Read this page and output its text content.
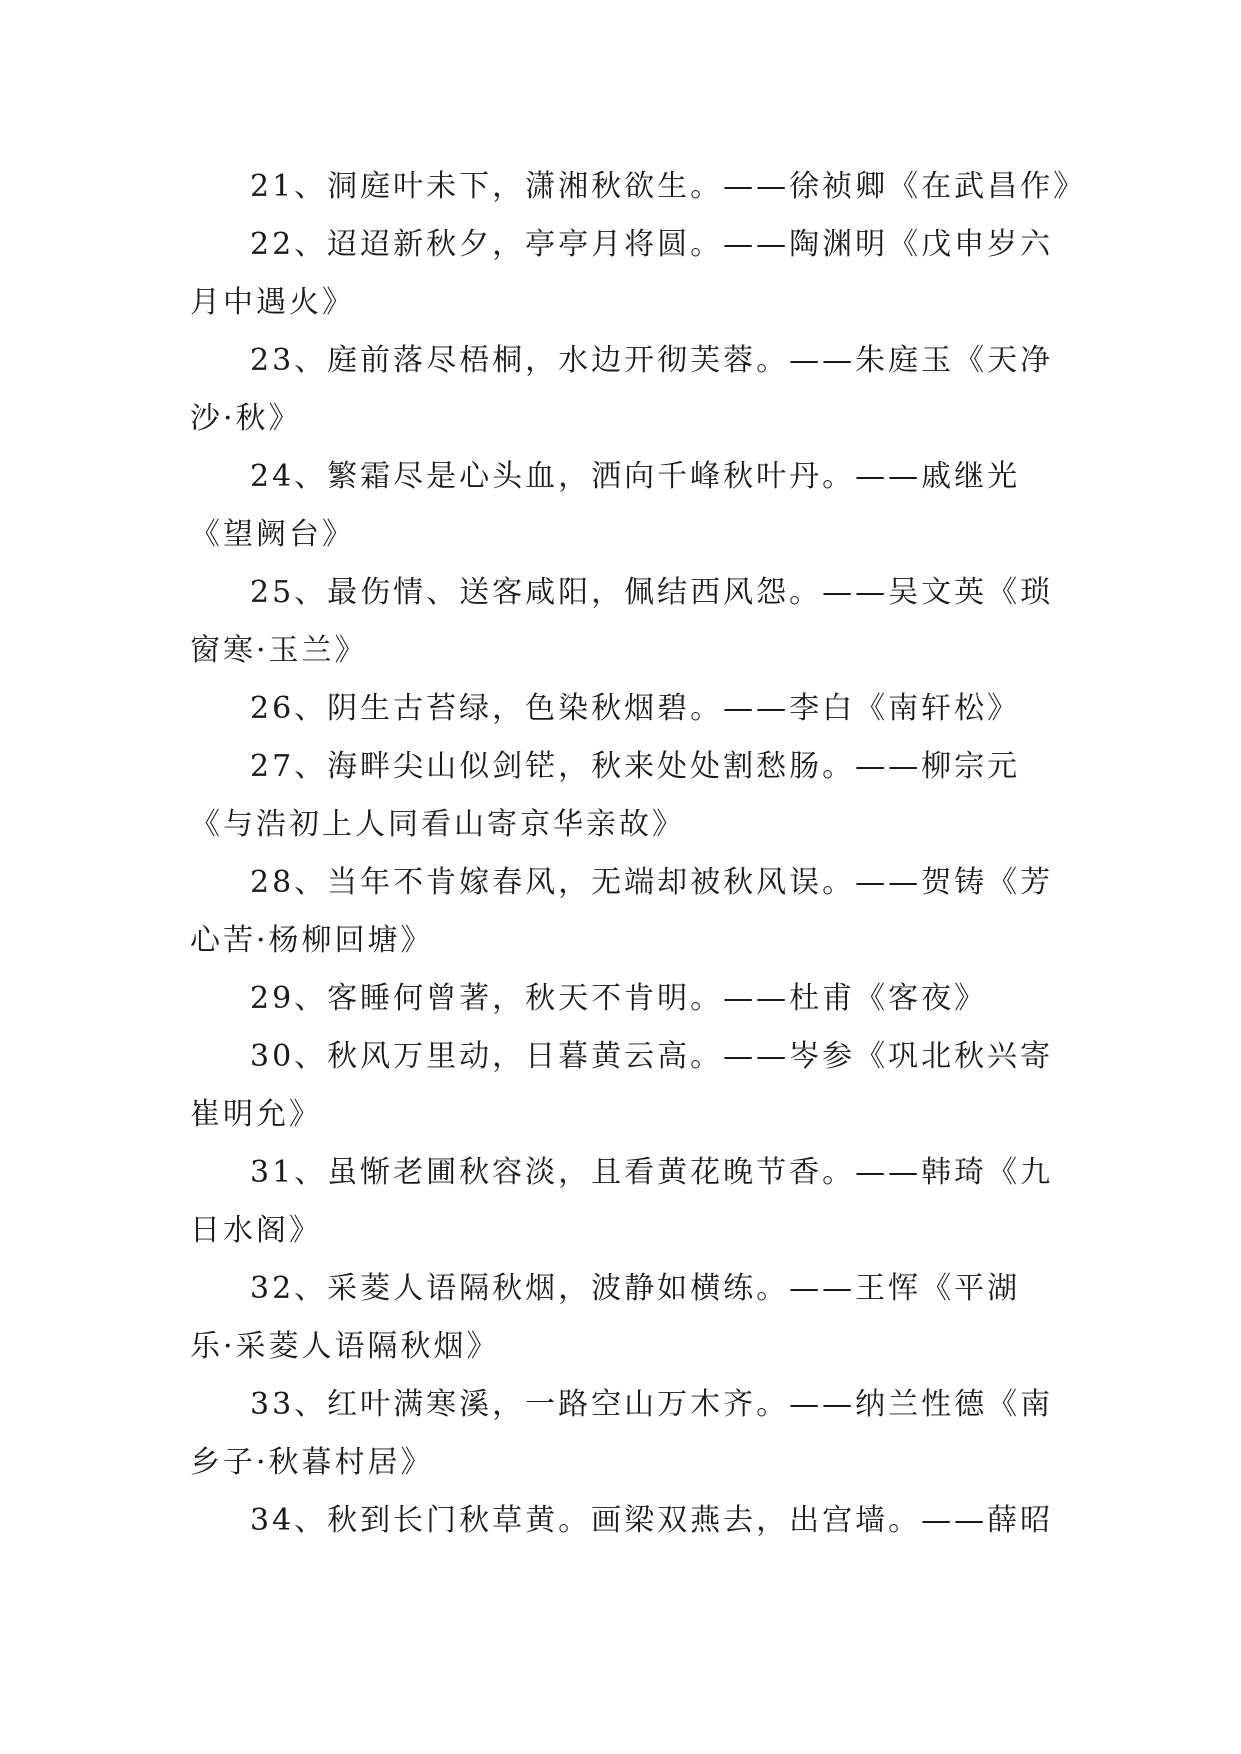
21、洞庭叶未下，潇湘秋欲生。——徐祯卿《在武昌作》
22、迢迢新秋夕，亭亭月将圆。——陶渊明《戊申岁六
月中遇火》
23、庭前落尽梧桐，水边开彻芙蓉。——朱庭玉《天净
沙·秋》
24、繁霜尽是心头血，洒向千峰秋叶丹。——戚继光
《望阙台》
25、最伤情、送客咸阳，佩结西风怨。——吴文英《琐
窗寒·玉兰》
26、阴生古苔绿，色染秋烟碧。——李白《南轩松》
27、海畔尖山似剑铓，秋来处处割愁肠。——柳宗元
《与浩初上人同看山寄京华亲故》
28、当年不肯嫁春风，无端却被秋风误。——贺铸《芳
心苦·杨柳回塘》
29、客睡何曾著，秋天不肯明。——杜甫《客夜》
30、秋风万里动，日暮黄云高。——岑参《巩北秋兴寄
崔明允》
31、虽惭老圃秋容淡，且看黄花晚节香。——韩琦《九
日水阁》
32、采菱人语隔秋烟，波静如横练。——王恽《平湖
乐·采菱人语隔秋烟》
33、红叶满寒溪，一路空山万木齐。——纳兰性德《南
乡子·秋暮村居》
34、秋到长门秋草黄。画梁双燕去，出宫墙。——薛昭
